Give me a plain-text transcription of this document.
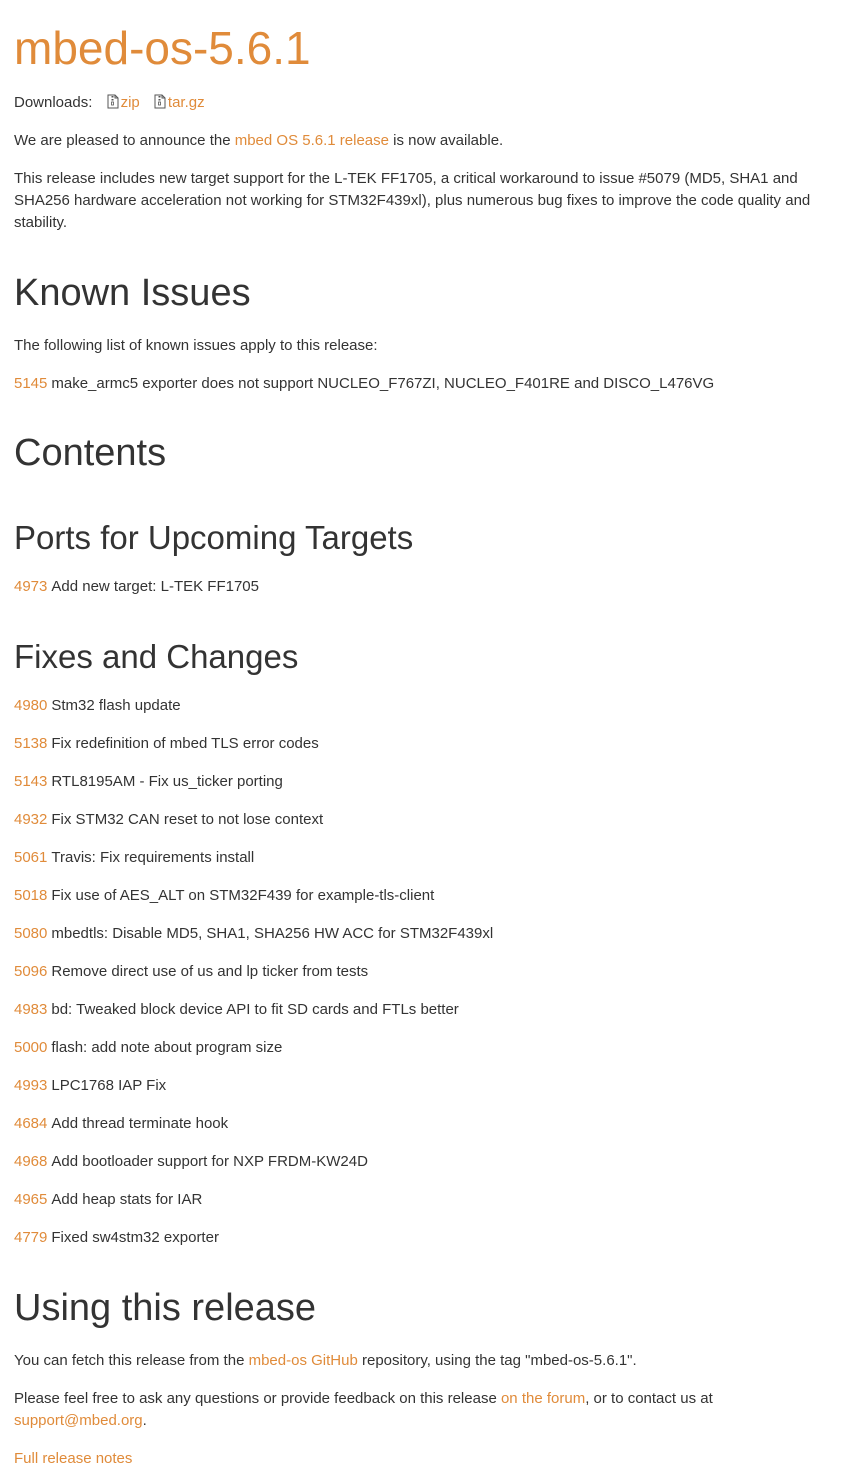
mbed-os-5.6.1
Downloads: zip tar.gz
We are pleased to announce the mbed OS 5.6.1 release is now available.
This release includes new target support for the L-TEK FF1705, a critical workaround to issue #5079 (MD5, SHA1 and SHA256 hardware acceleration not working for STM32F439xl), plus numerous bug fixes to improve the code quality and stability.
Known Issues
The following list of known issues apply to this release:
5145 make_armc5 exporter does not support NUCLEO_F767ZI, NUCLEO_F401RE and DISCO_L476VG
Contents
Ports for Upcoming Targets
4973 Add new target: L-TEK FF1705
Fixes and Changes
4980 Stm32 flash update
5138 Fix redefinition of mbed TLS error codes
5143 RTL8195AM - Fix us_ticker porting
4932 Fix STM32 CAN reset to not lose context
5061 Travis: Fix requirements install
5018 Fix use of AES_ALT on STM32F439 for example-tls-client
5080 mbedtls: Disable MD5, SHA1, SHA256 HW ACC for STM32F439xl
5096 Remove direct use of us and lp ticker from tests
4983 bd: Tweaked block device API to fit SD cards and FTLs better
5000 flash: add note about program size
4993 LPC1768 IAP Fix
4684 Add thread terminate hook
4968 Add bootloader support for NXP FRDM-KW24D
4965 Add heap stats for IAR
4779 Fixed sw4stm32 exporter
Using this release
You can fetch this release from the mbed-os GitHub repository, using the tag "mbed-os-5.6.1".
Please feel free to ask any questions or provide feedback on this release on the forum, or to contact us at
support@mbed.org.
Full release notes
